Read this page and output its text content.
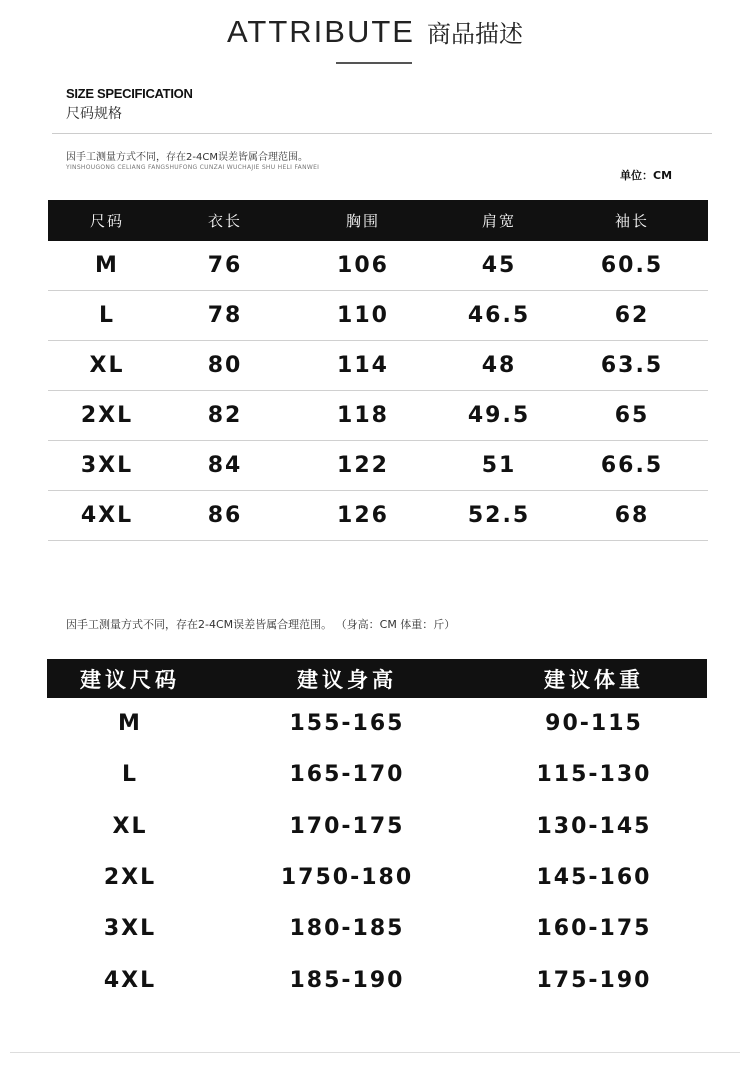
ATTRIBUTE 商品描述
SIZE SPECIFICATION
尺码规格
因手工测量方式不同，存在2-4CM误差皆属合理范围。
YINSHOUGONG CELIANG FANGSHUFONG CUNZAI WUCHAJIE SHU HELI FANWEI
单位：CM
尺码	衣长	胸围	肩宽	袖长
M	76	106	45	60.5
L	78	110	46.5	62
XL	80	114	48	63.5
2XL	82	118	49.5	65
3XL	84	122	51	66.5
4XL	86	126	52.5	68
因手工测量方式不同，存在2-4CM误差皆属合理范围。 （身高：CM 体重：斤）
建议尺码	建议身高	建议体重
M	155-165	90-115
L	165-170	115-130
XL	170-175	130-145
2XL	1750-180	145-160
3XL	180-185	160-175
4XL	185-190	175-190
